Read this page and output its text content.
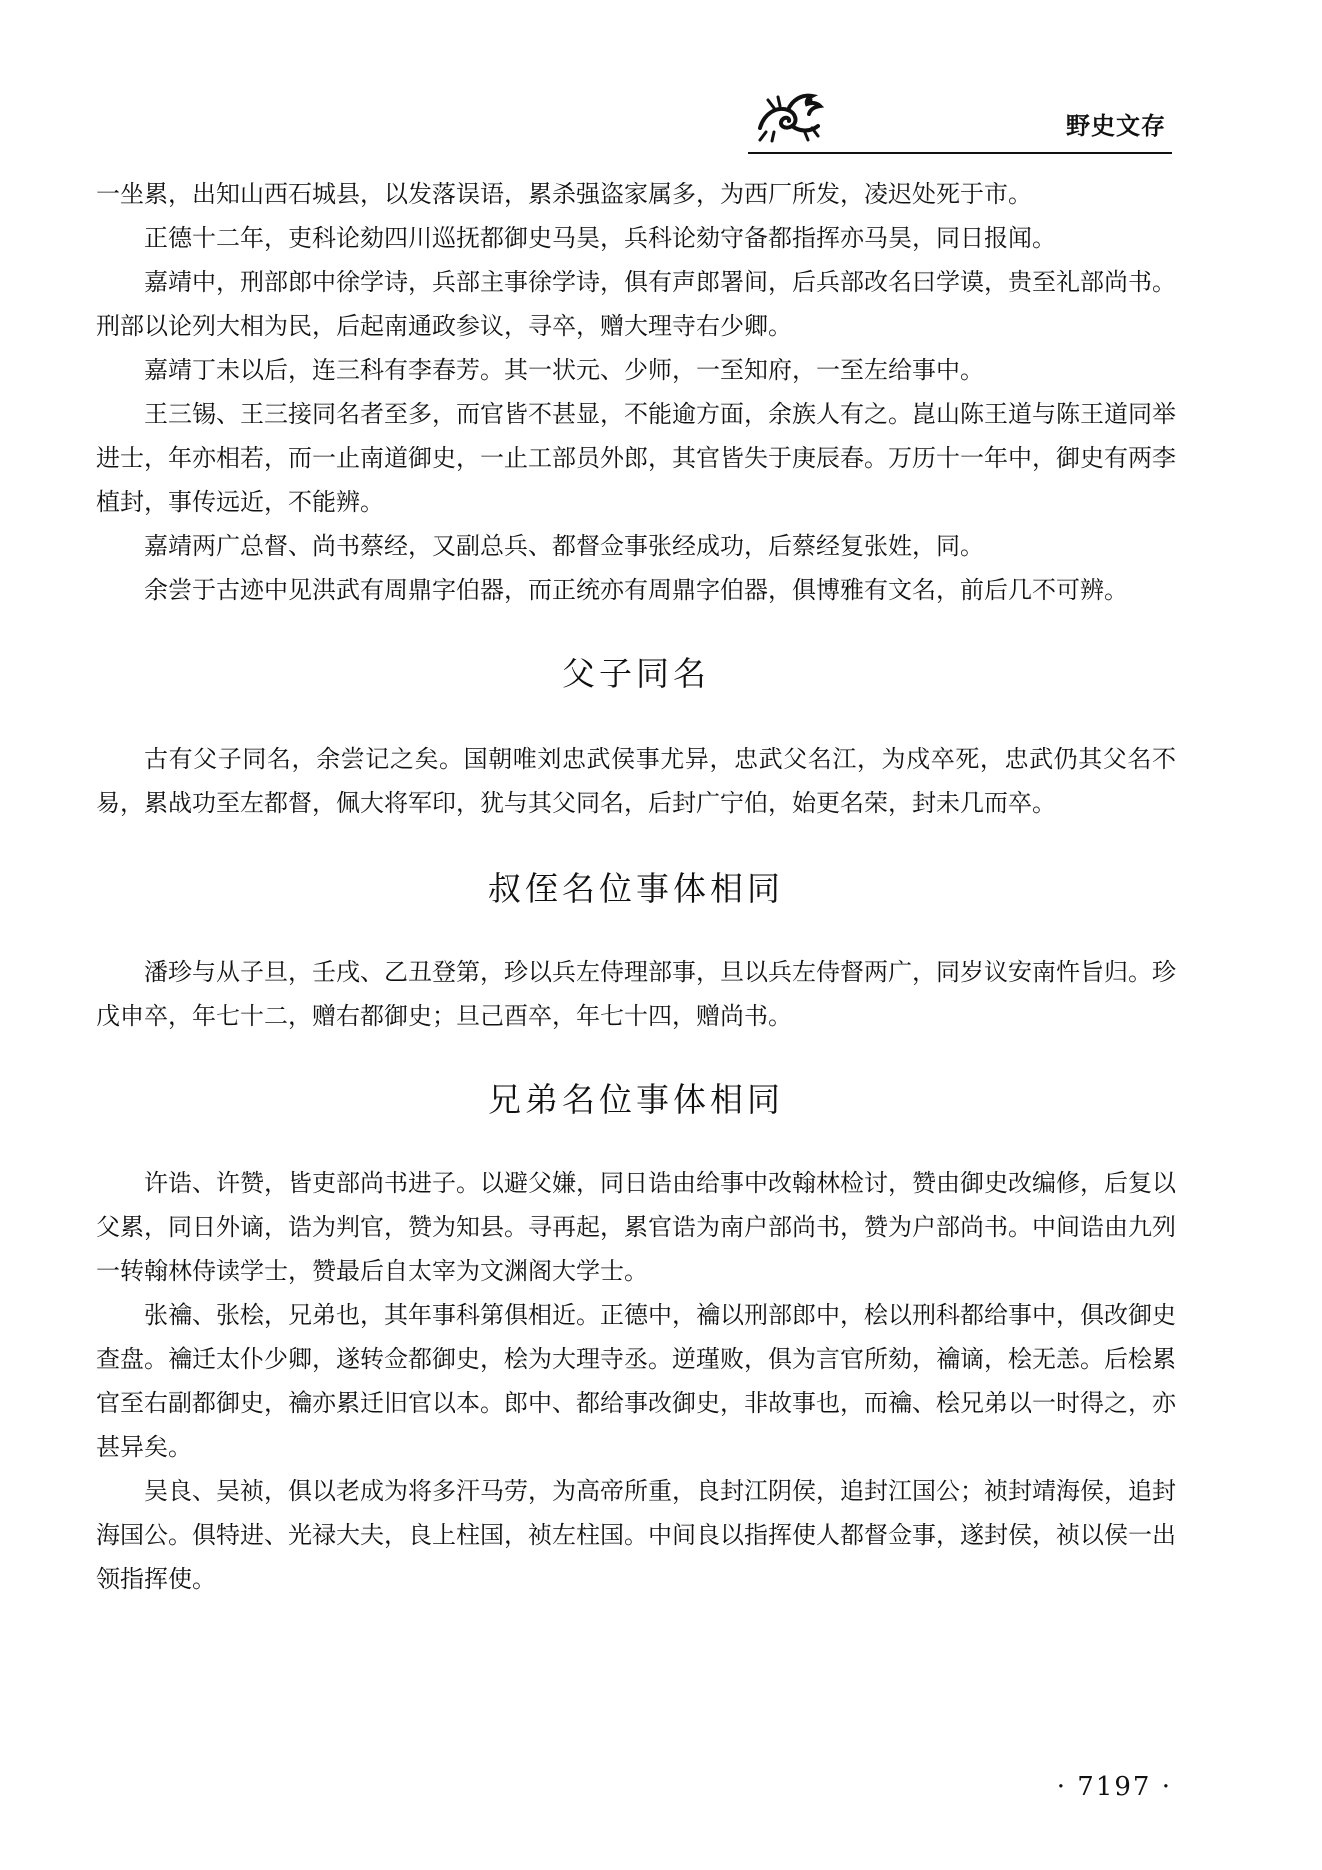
野史文存

一坐累，出知山西石城县，以发落误语，累杀强盗家属多，为西厂所发，凌迟处死于市。

正德十二年，吏科论劾四川巡抚都御史马昊，兵科论劾守备都指挥亦马昊，同日报闻。

嘉靖中，刑部郎中徐学诗，兵部主事徐学诗，俱有声郎署间，后兵部改名曰学谟，贵至礼部尚书。刑部以论列大相为民，后起南通政参议，寻卒，赠大理寺右少卿。

嘉靖丁未以后，连三科有李春芳。其一状元、少师，一至知府，一至左给事中。

王三锡、王三接同名者至多，而官皆不甚显，不能逾方面，余族人有之。崑山陈王道与陈王道同举进士，年亦相若，而一止南道御史，一止工部员外郎，其官皆失于庚辰春。万历十一年中，御史有两李植封，事传远近，不能辨。

嘉靖两广总督、尚书蔡经，又副总兵、都督佥事张经成功，后蔡经复张姓，同。

余尝于古迹中见洪武有周鼎字伯器，而正统亦有周鼎字伯器，俱博雅有文名，前后几不可辨。

父子同名

古有父子同名，余尝记之矣。国朝唯刘忠武侯事尤异，忠武父名江，为戍卒死，忠武仍其父名不易，累战功至左都督，佩大将军印，犹与其父同名，后封广宁伯，始更名荣，封未几而卒。

叔侄名位事体相同

潘珍与从子旦，壬戌、乙丑登第，珍以兵左侍理部事，旦以兵左侍督两广，同岁议安南忤旨归。珍戊申卒，年七十二，赠右都御史；旦己酉卒，年七十四，赠尚书。

兄弟名位事体相同

许诰、许赞，皆吏部尚书进子。以避父嫌，同日诰由给事中改翰林检讨，赞由御史改编修，后复以父累，同日外谪，诰为判官，赞为知县。寻再起，累官诰为南户部尚书，赞为户部尚书。中间诰由九列一转翰林侍读学士，赞最后自太宰为文渊阁大学士。

张禴、张桧，兄弟也，其年事科第俱相近。正德中，禴以刑部郎中，桧以刑科都给事中，俱改御史查盘。禴迁太仆少卿，遂转佥都御史，桧为大理寺丞。逆瑾败，俱为言官所劾，禴谪，桧无恙。后桧累官至右副都御史，禴亦累迁旧官以本。郎中、都给事改御史，非故事也，而禴、桧兄弟以一时得之，亦甚异矣。

吴良、吴祯，俱以老成为将多汗马劳，为高帝所重，良封江阴侯，追封江国公；祯封靖海侯，追封海国公。俱特进、光禄大夫，良上柱国，祯左柱国。中间良以指挥使人都督佥事，遂封侯，祯以侯一出领指挥使。

· 7197 ·
